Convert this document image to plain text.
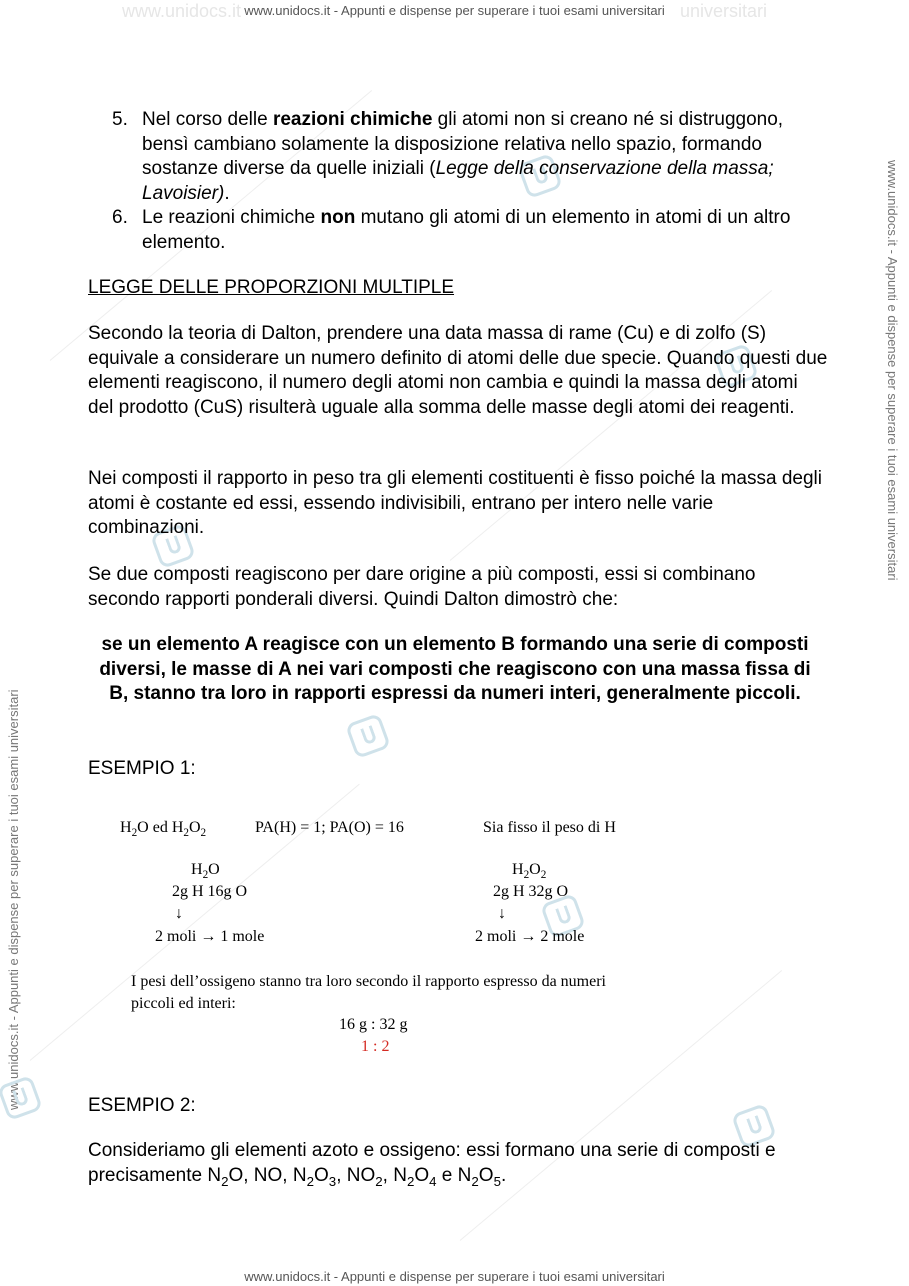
www.unidocs.it	universitari
www.unidocs.it - Appunti e dispense per superare i tuoi esami universitari
www.unidocs.it - Appunti e dispense per superare i tuoi esami universitari
www.unidocs.it - Appunti e dispense per superare i tuoi esami universitari
www.unidocs.it - Appunti e dispense per superare i tuoi esami universitari
5. Nel corso delle reazioni chimiche gli atomi non si creano né si distruggono, bensì cambiano solamente la disposizione relativa nello spazio, formando sostanze diverse da quelle iniziali (Legge della conservazione della massa; Lavoisier).
6. Le reazioni chimiche non mutano gli atomi di un elemento in atomi di un altro elemento.
LEGGE DELLE PROPORZIONI MULTIPLE
Secondo la teoria di Dalton, prendere una data massa di rame (Cu) e di zolfo (S) equivale a considerare un numero definito di atomi delle due specie. Quando questi due elementi reagiscono, il numero degli atomi non cambia e quindi la massa degli atomi del prodotto (CuS) risulterà uguale alla somma delle masse degli atomi dei reagenti.
Nei composti il rapporto in peso tra gli elementi costituenti è fisso poiché la massa degli atomi è costante ed essi, essendo indivisibili, entrano per intero nelle varie combinazioni.
Se due composti reagiscono per dare origine a più composti, essi si combinano secondo rapporti ponderali diversi. Quindi Dalton dimostrò che:
se un elemento A reagisce con un elemento B formando una serie di composti diversi, le masse di A nei vari composti che reagiscono con una massa fissa di B, stanno tra loro in rapporti espressi da numeri interi, generalmente piccoli.
ESEMPIO 1:
$H_2O$ ed $H_2O_2$	PA(H) = 1; PA(O) = 16	Sia fisso il peso di H
$H_2O$
2g H 16g O
↓
2 moli → 1 mole
$H_2O_2$
2g H 32g O
↓
2 moli → 2 mole
I pesi dell’ossigeno stanno tra loro secondo il rapporto espresso da numeri piccoli ed interi:
16 g : 32 g
1 : 2
ESEMPIO 2:
Consideriamo gli elementi azoto e ossigeno: essi formano una serie di composti e precisamente $N_2O$, NO, $N_2O_3$, $NO_2$, $N_2O_4$ e $N_2O_5$.
